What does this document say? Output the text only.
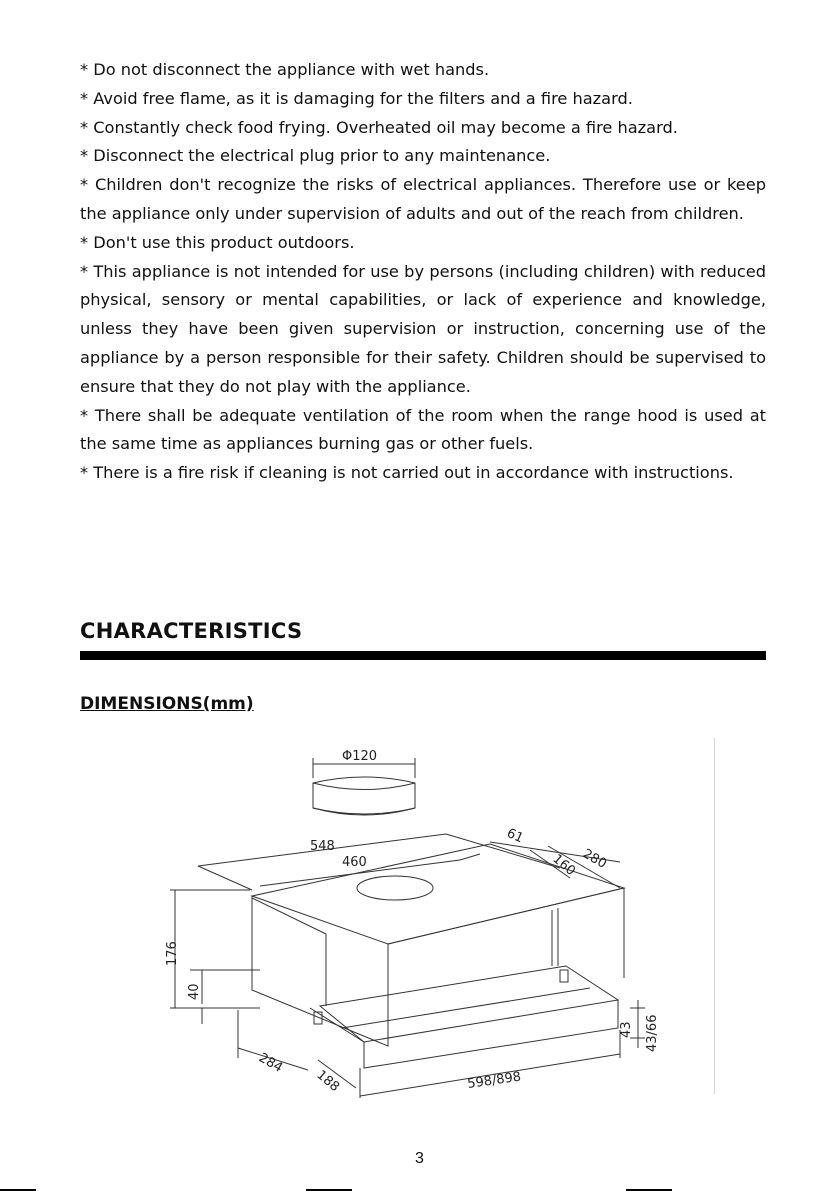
* Do not disconnect the appliance with wet hands.
* Avoid free flame, as it is damaging for the filters and a fire hazard.
* Constantly check food frying. Overheated oil may become a fire hazard.
* Disconnect the electrical plug prior to any maintenance.
* Children don't recognize the risks of electrical appliances. Therefore use or keep the appliance only under supervision of adults and out of the reach from children.
* Don't use this product outdoors.
* This appliance is not intended for use by persons (including children) with reduced physical, sensory or mental capabilities, or lack of experience and knowledge, unless they have been given supervision or instruction, concerning use of the appliance by a person responsible for their safety. Children should be supervised to ensure that they do not play with the appliance.
* There shall be adequate ventilation of the room when the range hood is used at the same time as appliances burning gas or other fuels.
* There is a fire risk if cleaning is not carried out in accordance with instructions.
CHARACTERISTICS
DIMENSIONS(mm)
Φ120
548
460
61
160 280
176
40
284
188	598/898
43 43/66
3
